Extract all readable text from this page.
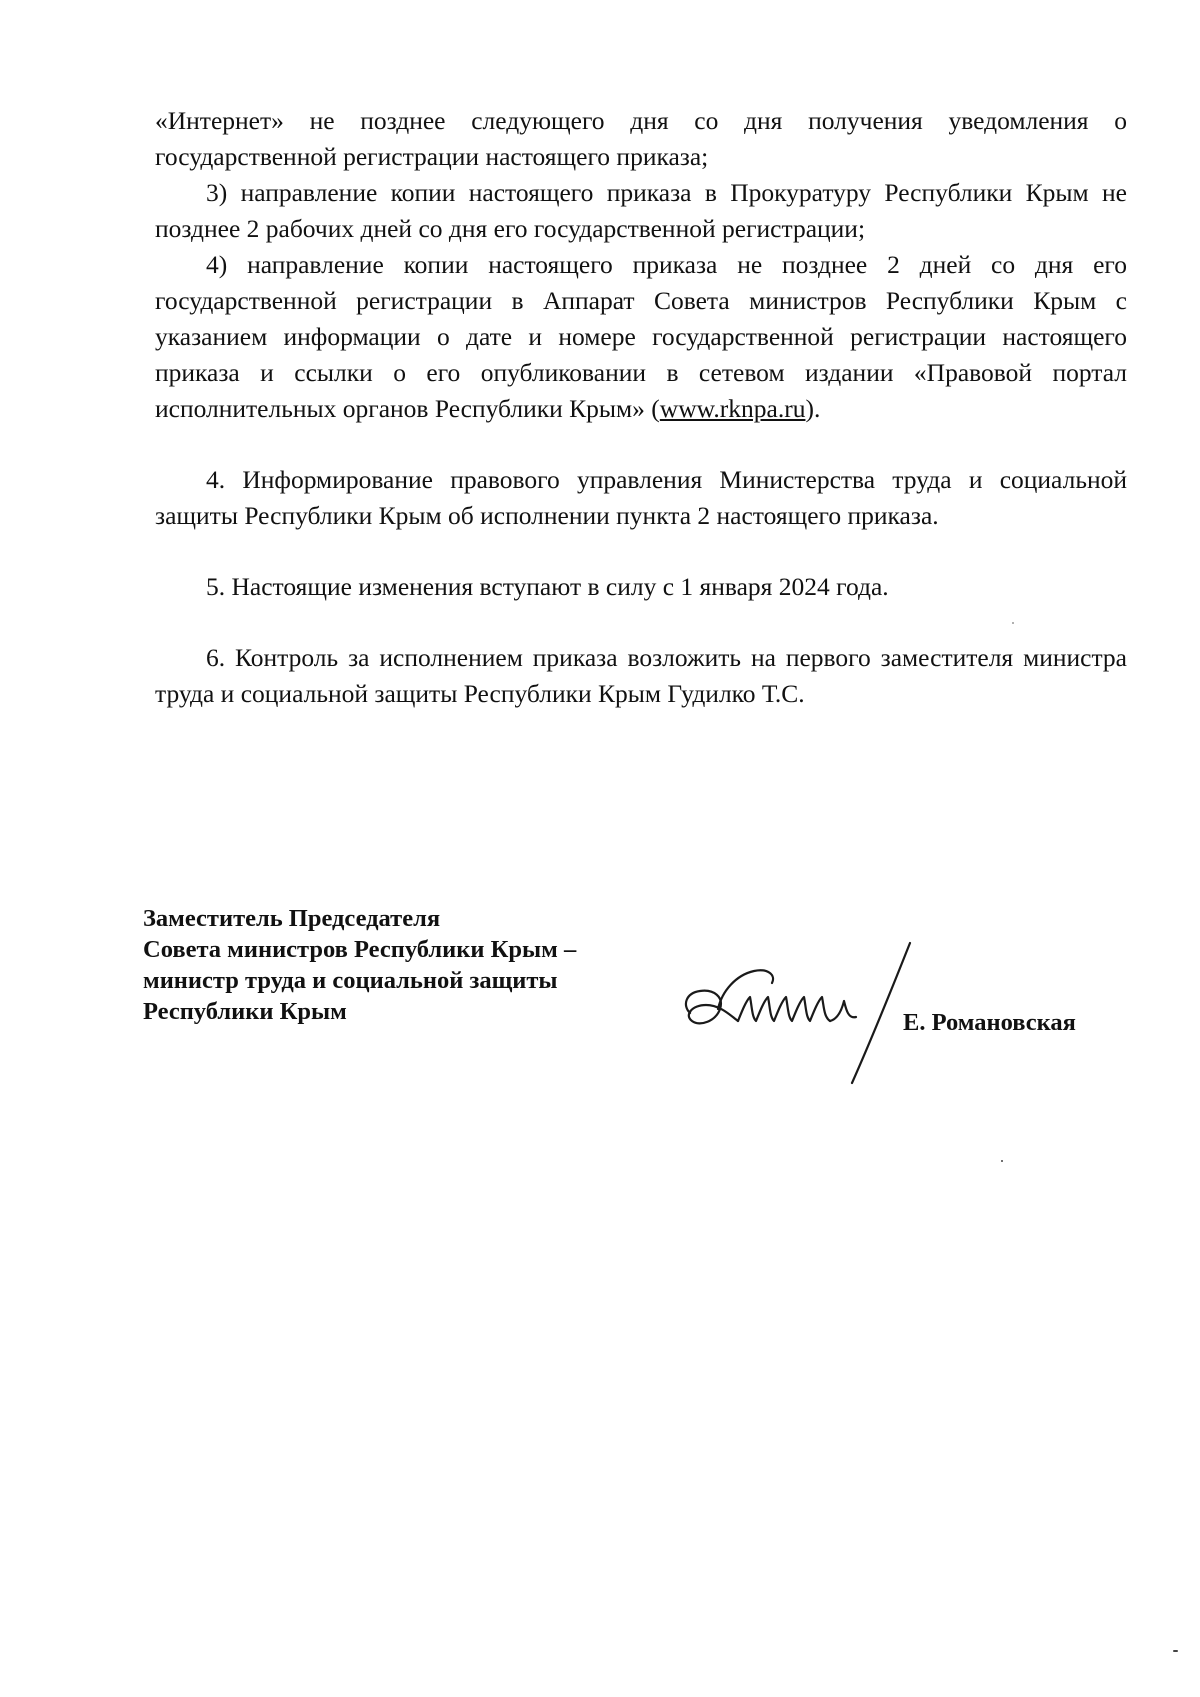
«Интернет» не позднее следующего дня со дня получения уведомления о государственной регистрации настоящего приказа;

3) направление копии настоящего приказа в Прокуратуру Республики Крым не позднее 2 рабочих дней со дня его государственной регистрации;

4) направление копии настоящего приказа не позднее 2 дней со дня его государственной регистрации в Аппарат Совета министров Республики Крым с указанием информации о дате и номере государственной регистрации настоящего приказа и ссылки о его опубликовании в сетевом издании «Правовой портал исполнительных органов Республики Крым» (www.rknpa.ru).

4. Информирование правового управления Министерства труда и социальной защиты Республики Крым об исполнении пункта 2 настоящего приказа.

5. Настоящие изменения вступают в силу с 1 января 2024 года.

6. Контроль за исполнением приказа возложить на первого заместителя министра труда и социальной защиты Республики Крым Гудилко Т.С.

Заместитель Председателя
Совета министров Республики Крым –
министр труда и социальной защиты
Республики Крым	Е. Романовская
